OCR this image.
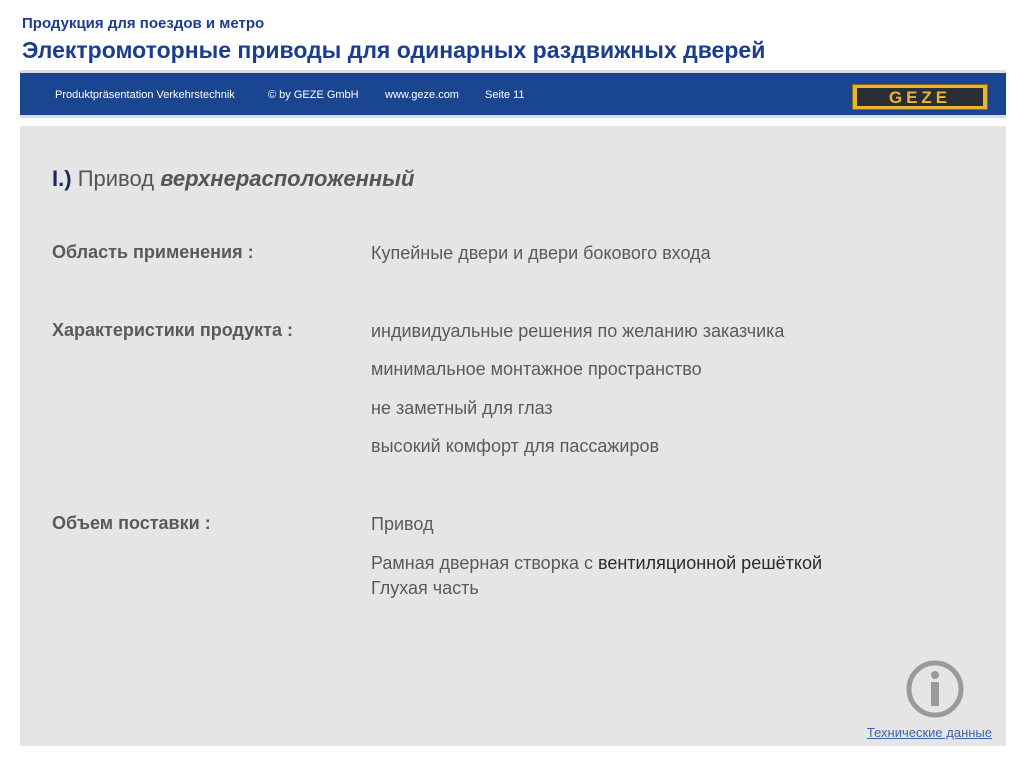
Продукция для поездов и метро
Электромоторные приводы для одинарных раздвижных дверей
Produktpräsentation Verkehrstechnik	© by GEZE GmbH www.geze.com Seite 11	GEZE
I.) Привод верхнерасположенный
Область применения :	Купейные двери и двери бокового входа
Характеристики продукта :	индивидуальные решения по желанию заказчика
минимальное монтажное пространство
не заметный для глаз
высокий комфорт для пассажиров
Объем поставки :	Привод
Рамная дверная створка с вентиляционной решёткой
Глухая часть
Технические данные
